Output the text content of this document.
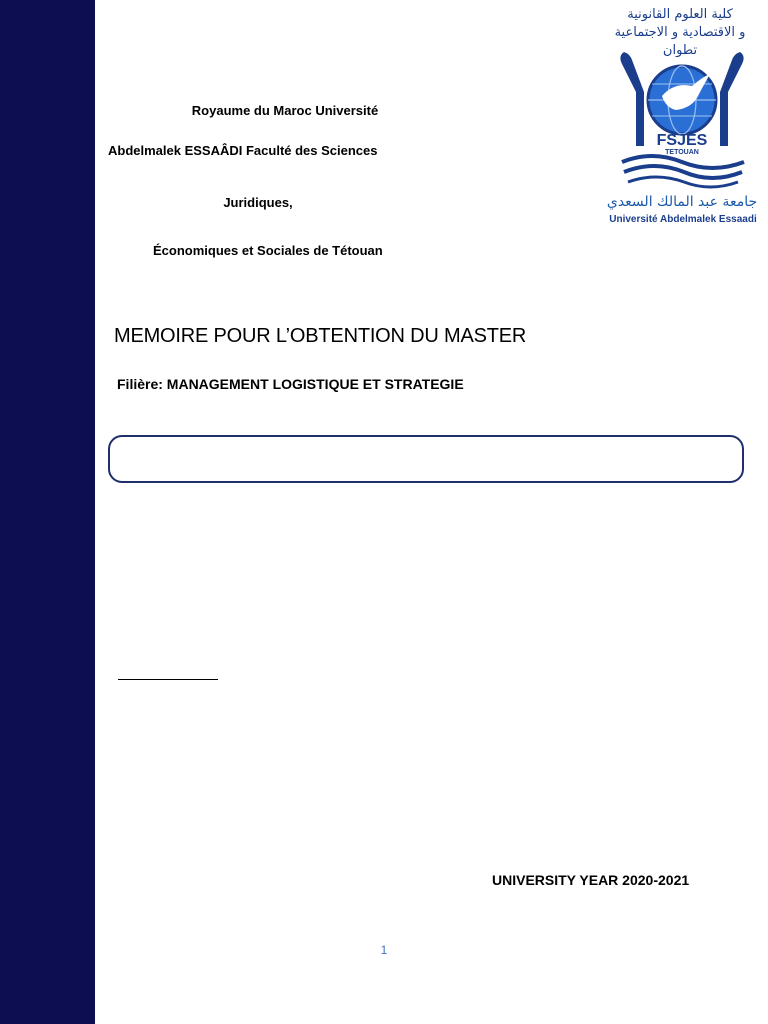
Royaume du Maroc Université
Abdelmalek ESSAÂDI Faculté des Sciences
Juridiques,
Économiques et Sociales de Tétouan
كلية العلوم القانونية
و الاقتصادية و الاجتماعية
تطوان
FSJES
TETOUAN
جامعة عبد المالك السعدي
Université Abdelmalek Essaadi
MEMOIRE POUR L’OBTENTION DU MASTER
Filière: MANAGEMENT LOGISTIQUE ET STRATEGIE
UNIVERSITY YEAR 2020-2021
1
